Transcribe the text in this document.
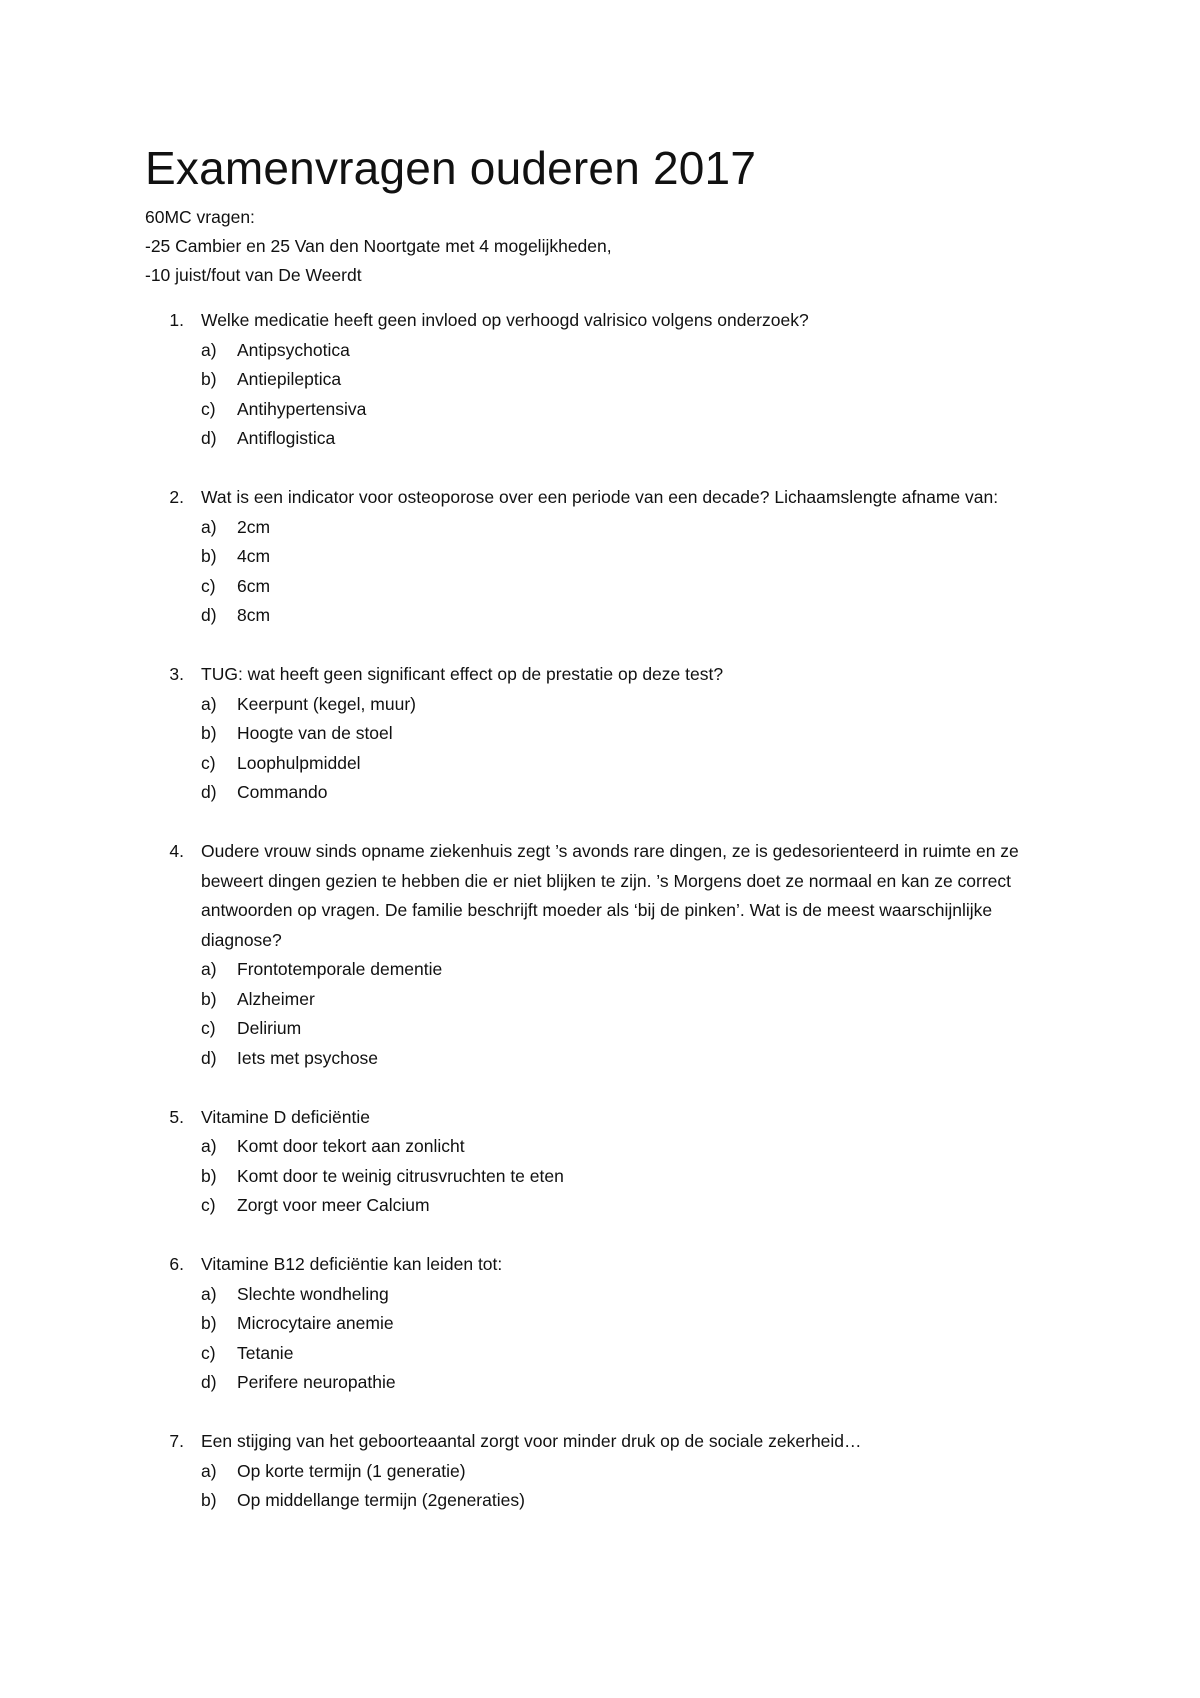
Examenvragen ouderen 2017
60MC vragen:
-25 Cambier en 25 Van den Noortgate met 4 mogelijkheden,
-10 juist/fout van De Weerdt
1. Welke medicatie heeft geen invloed op verhoogd valrisico volgens onderzoek?
a)	Antipsychotica
b)	Antiepileptica
c)	Antihypertensiva
d)	Antiflogistica
2. Wat is een indicator voor osteoporose over een periode van een decade? Lichaamslengte afname van:
a)	2cm
b)	4cm
c)	6cm
d)	8cm
3. TUG: wat heeft geen significant effect op de prestatie op deze test?
a)	Keerpunt (kegel, muur)
b)	Hoogte van de stoel
c)	Loophulpmiddel
d)	Commando
4. Oudere vrouw sinds opname ziekenhuis zegt ’s avonds rare dingen, ze is gedesorienteerd in ruimte en ze beweert dingen gezien te hebben die er niet blijken te zijn. ’s Morgens doet ze normaal en kan ze correct antwoorden op vragen. De familie beschrijft moeder als ‘bij de pinken’. Wat is de meest waarschijnlijke diagnose?
a)	Frontotemporale dementie
b)	Alzheimer
c)	Delirium
d)	Iets met psychose
5. Vitamine D deficiëntie
a)	Komt door tekort aan zonlicht
b)	Komt door te weinig citrusvruchten te eten
c)	Zorgt voor meer Calcium
6. Vitamine B12 deficiëntie kan leiden tot:
a)	Slechte wondheling
b)	Microcytaire anemie
c)	Tetanie
d)	Perifere neuropathie
7. Een stijging van het geboorteaantal zorgt voor minder druk op de sociale zekerheid…
a)	Op korte termijn (1 generatie)
b)	Op middellange termijn (2generaties)
